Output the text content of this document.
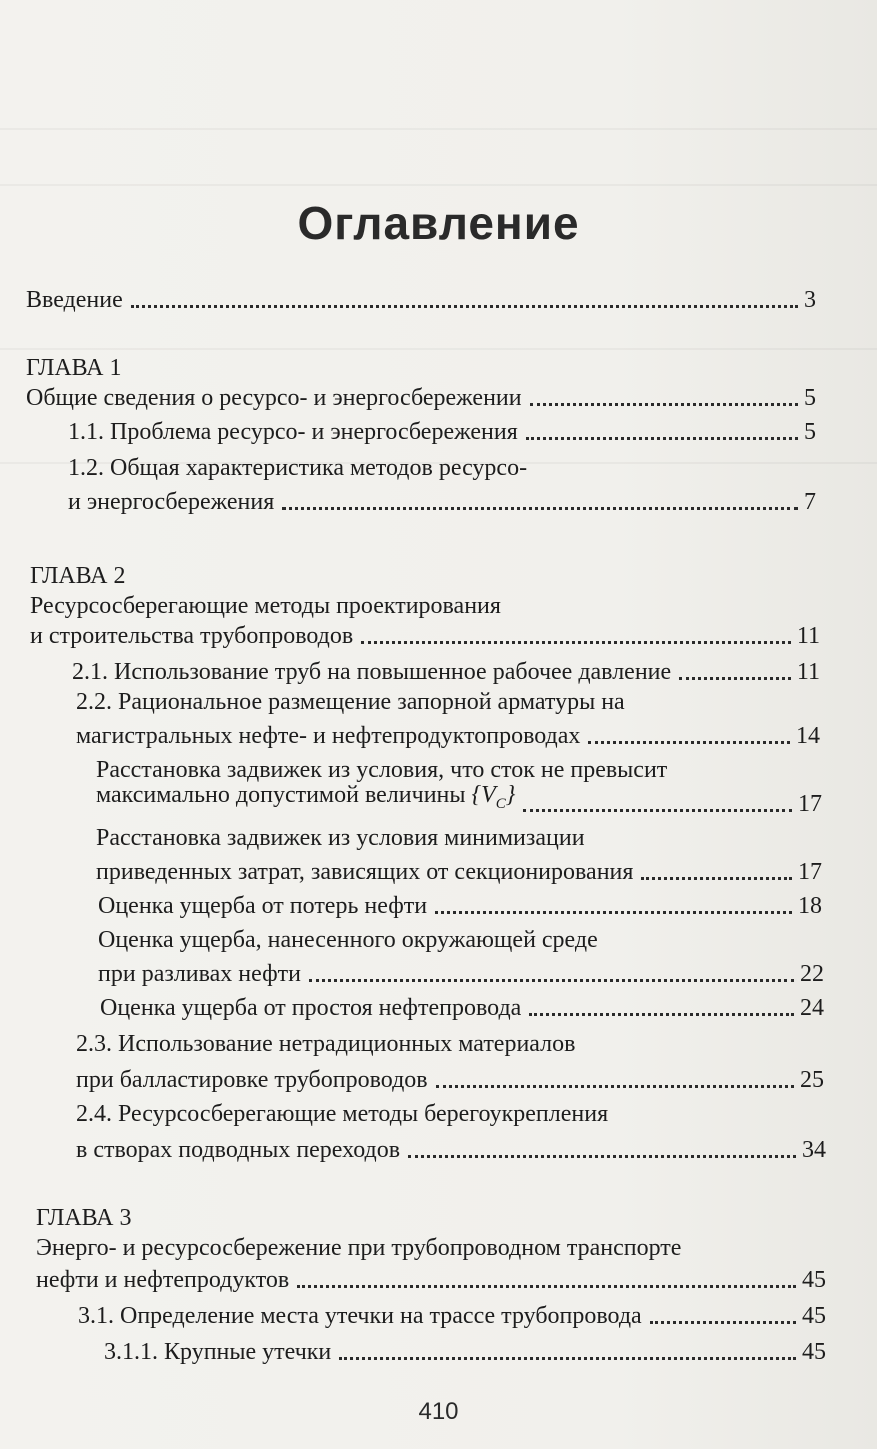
Оглавление
Введение	3
ГЛАВА 1
Общие сведения о ресурсо- и энергосбережении	5
1.1. Проблема ресурсо- и энергосбережения	5
1.2. Общая характеристика методов ресурсо-
и энергосбережения	7
ГЛАВА 2
Ресурсосберегающие методы проектирования
и строительства трубопроводов	11
2.1. Использование труб на повышенное рабочее давление	11
2.2. Рациональное размещение запорной арматуры на
магистральных нефте- и нефтепродуктопроводах	14
Расстановка задвижек из условия, что сток не превысит
максимально допустимой величины $\{V_C\}$	17
Расстановка задвижек из условия минимизации
приведенных затрат, зависящих от секционирования	17
Оценка ущерба от потерь нефти	18
Оценка ущерба, нанесенного окружающей среде
при разливах нефти	22
Оценка ущерба от простоя нефтепровода	24
2.3. Использование нетрадиционных материалов
при балластировке трубопроводов	25
2.4. Ресурсосберегающие методы берегоукрепления
в створах подводных переходов	34
ГЛАВА 3
Энерго- и ресурсосбережение при трубопроводном транспорте
нефти и нефтепродуктов	45
3.1. Определение места утечки на трассе трубопровода	45
3.1.1. Крупные утечки	45
410
